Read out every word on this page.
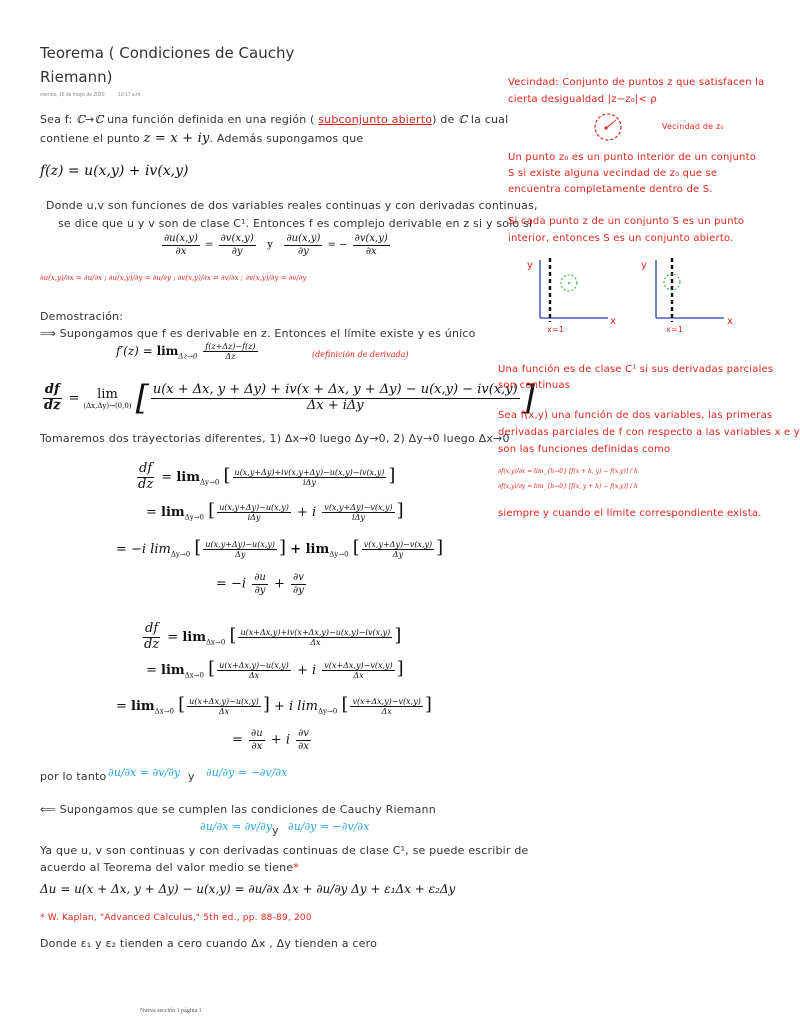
Teorema ( Condiciones de Cauchy
Riemann)
viernes, 15 de mayo de 2020	10:17 a.m.
Sea f: ℂ→ℂ una función definida en una región ( subconjunto abierto) de ℂ la cual
contiene el punto z = x + iy. Además supongamos que
f(z) = u(x,y) + iv(x,y)
Donde u,v son funciones de dos variables reales continuas y con derivadas continuas,
se dice que u y v son de clase C¹. Entonces f es complejo derivable en z si y solo si
$\frac{\partial u(x,y)}{\partial x} = \frac{\partial v(x,y)}{\partial y}$ y $\frac{\partial u(x,y)}{\partial y}$ = − $\frac{\partial v(x,y)}{\partial x}$
∂u(x,y)/∂x = ∂u/∂x ; ∂u(x,y)/∂y = ∂u/∂y ; ∂v(x,y)/∂x = ∂v/∂x ; ∂v(x,y)/∂y = ∂v/∂y
Demostración:
⟹ Supongamos que f es derivable en z. Entonces el límite existe y es único
$f'(z) = \lim_{\Delta z\to 0} \frac{f(z+\Delta z)-f(z)}{\Delta z}$	(definición de derivada)
$\frac{df}{dz} = \lim$
(Δx,Δy)→(0,0) [ $\frac{u(x + \Delta x, y + \Delta y) + iv(x + \Delta x, y + \Delta y) - u(x,y) - iv(x,y)}{\text{Δx + iΔy}}$ ]
Tomaremos dos trayectorias diferentes, 1) Δx→0 luego Δy→0, 2) Δy→0 luego Δx→0
$\frac{df}{dz} = \lim_{\Delta y\to 0}$ [ $\frac{u(x,y+\Delta y)+iv(x,y+\Delta y)-u(x,y)-iv(x,y)}{\text{iΔy}}$ ]
= $\lim_{\Delta y\to 0}$ [ $\frac{u(x,y+\Delta y)-u(x,y)}{\text{iΔy}} + i \frac{v(x,y+\Delta y)-v(x,y)}{\text{iΔy}}$ ]
= −i $\lim_{\Delta y\to 0}$ [ $\frac{u(x,y+\Delta y)-u(x,y)}{\Delta y}$ ] + $\lim_{\Delta y\to 0}$ [ $\frac{v(x,y+\Delta y)-v(x,y)}{\Delta y}$ ]
= $-i \frac{\partial u}{\partial y} + \frac{\partial v}{\partial y}$
$\frac{df}{dz} = \lim_{\Delta x\to 0}$ [ $\frac{u(x+\Delta x,y)+iv(x+\Delta x,y)-u(x,y)-iv(x,y)}{\Delta x}$ ]
= $\lim_{\Delta x\to 0}$ [ $\frac{u(x+\Delta x,y)-u(x,y)}{\Delta x} + i \frac{v(x+\Delta x,y)-v(x,y)}{\Delta x}$ ]
= $\lim_{\Delta x\to 0}$ [ $\frac{u(x+\Delta x,y)-u(x,y)}{\Delta x}$ ] + i $\lim_{\Delta y\to 0}$ [ $\frac{v(x+\Delta x,y)-v(x,y)}{\Delta x}$ ]
= $\frac{\partial u}{\partial x} + i \frac{\partial v}{\partial x}$
por lo tanto ∂u/∂x = ∂v/∂y y ∂u/∂y = −∂v/∂x
⟸ Supongamos que se cumplen las condiciones de Cauchy Riemann
∂u/∂x = ∂v/∂y y ∂u/∂y = −∂v/∂x
Ya que u, v son continuas y con derivadas continuas de clase C¹, se puede escribir de
acuerdo al Teorema del valor medio se tiene*
Δu = u(x + Δx, y + Δy) − u(x,y) = ∂u/∂x Δx + ∂u/∂y Δy + ε₁Δx + ε₂Δy
* W. Kaplan, "Advanced Calculus," 5th ed., pp. 88-89, 200
Donde ε₁ y ε₂ tienden a cero cuando Δx , Δy tienden a cero
Nueva sección 1 página 1
Vecindad: Conjunto de puntos z que satisfacen la
cierta desigualdad |z−z₀|< ρ
Vecindad de z₀
Un punto z₀ es un punto interior de un conjunto
S si existe alguna vecindad de z₀ que se
encuentra completamente dentro de S.
Si cada punto z de un conjunto S es un punto
interior, entonces S es un conjunto abierto.
y
x
x=1
y
x
x=1
Una función es de clase C¹ si sus derivadas parciales
son continuas
Sea f(x,y) una función de dos variables, las primeras
derivadas parciales de f con respecto a las variables x e y
son las funciones definidas como
∂f(x,y)/∂x = lim_{h→0} [f(x + h, y) − f(x,y)] / h
∂f(x,y)/∂y = lim_{h→0} [f(x, y + h) − f(x,y)] / h
siempre y cuando el límite correspondiente exista.
